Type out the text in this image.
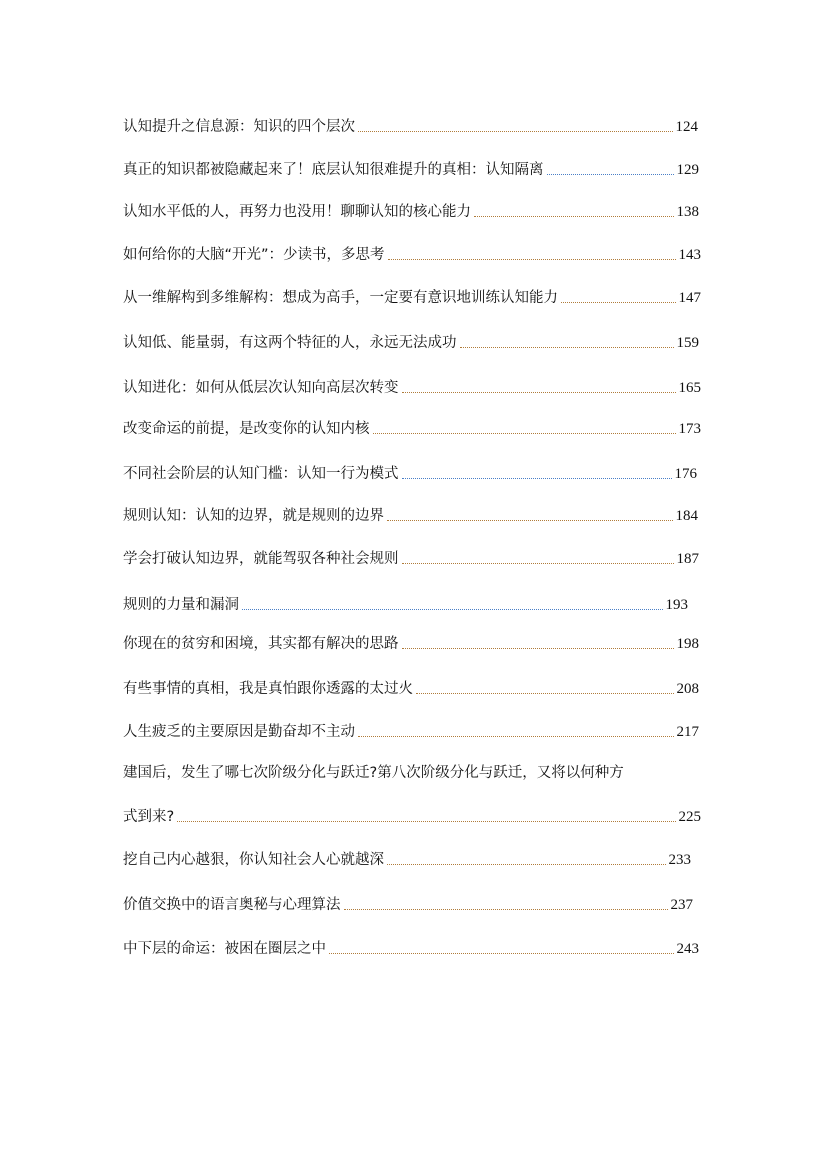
认知提升之信息源：知识的四个层次	124
真正的知识都被隐藏起来了！底层认知很难提升的真相：认知隔离	129
认知水平低的人，再努力也没用！聊聊认知的核心能力	138
如何给你的大脑“开光”：少读书，多思考	143
从一维解构到多维解构：想成为高手，一定要有意识地训练认知能力	147
认知低、能量弱，有这两个特征的人，永远无法成功	159
认知进化：如何从低层次认知向高层次转变	165
改变命运的前提，是改变你的认知内核	173
不同社会阶层的认知门槛：认知一行为模式	176
规则认知：认知的边界，就是规则的边界	184
学会打破认知边界，就能驾驭各种社会规则	187
规则的力量和漏洞	193
你现在的贫穷和困境，其实都有解决的思路	198
有些事情的真相，我是真怕跟你透露的太过火	208
人生疲乏的主要原因是勤奋却不主动	217
建国后，发生了哪七次阶级分化与跃迁?第八次阶级分化与跃迁，又将以何种方
式到来?	225
挖自己内心越狠，你认知社会人心就越深	233
价值交换中的语言奥秘与心理算法	237
中下层的命运：被困在圈层之中	243
